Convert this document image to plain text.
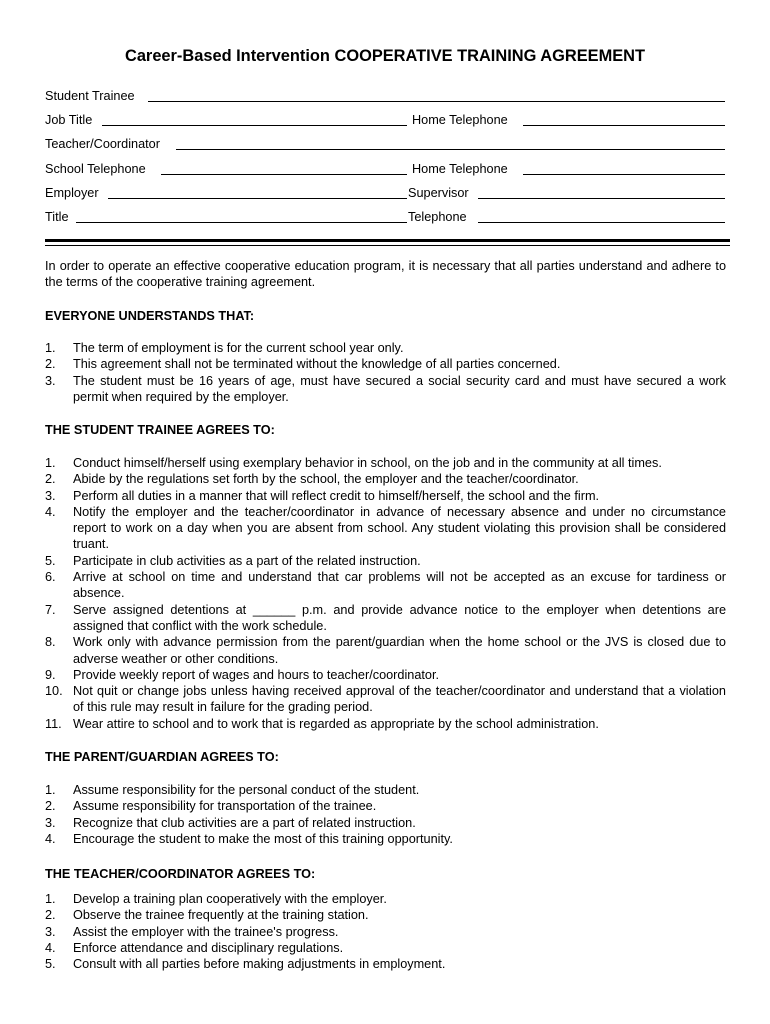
Career-Based Intervention COOPERATIVE TRAINING AGREEMENT
Student Trainee
Job Title	Home Telephone
Teacher/Coordinator
School Telephone	Home Telephone
Employer	Supervisor
Title	Telephone
In order to operate an effective cooperative education program, it is necessary that all parties understand and adhere to the terms of the cooperative training agreement.
EVERYONE UNDERSTANDS THAT:
1.	The term of employment is for the current school year only.
2.	This agreement shall not be terminated without the knowledge of all parties concerned.
3.	The student must be 16 years of age, must have secured a social security card and must have secured a work permit when required by the employer.
THE STUDENT TRAINEE AGREES TO:
1.	Conduct himself/herself using exemplary behavior in school, on the job and in the community at all times.
2.	Abide by the regulations set forth by the school, the employer and the teacher/coordinator.
3.	Perform all duties in a manner that will reflect credit to himself/herself, the school and the firm.
4.	Notify the employer and the teacher/coordinator in advance of necessary absence and under no circumstance report to work on a day when you are absent from school. Any student violating this provision shall be considered truant.
5.	Participate in club activities as a part of the related instruction.
6.	Arrive at school on time and understand that car problems will not be accepted as an excuse for tardiness or absence.
7.	Serve assigned detentions at ______ p.m. and provide advance notice to the employer when detentions are assigned that conflict with the work schedule.
8.	Work only with advance permission from the parent/guardian when the home school or the JVS is closed due to adverse weather or other conditions.
9.	Provide weekly report of wages and hours to teacher/coordinator.
10. Not quit or change jobs unless having received approval of the teacher/coordinator and understand that a violation of this rule may result in failure for the grading period.
11. Wear attire to school and to work that is regarded as appropriate by the school administration.
THE PARENT/GUARDIAN AGREES TO:
1.	Assume responsibility for the personal conduct of the student.
2.	Assume responsibility for transportation of the trainee.
3.	Recognize that club activities are a part of related instruction.
4.	Encourage the student to make the most of this training opportunity.
THE TEACHER/COORDINATOR AGREES TO:
1.	Develop a training plan cooperatively with the employer.
2.	Observe the trainee frequently at the training station.
3.	Assist the employer with the trainee's progress.
4.	Enforce attendance and disciplinary regulations.
5.	Consult with all parties before making adjustments in employment.
